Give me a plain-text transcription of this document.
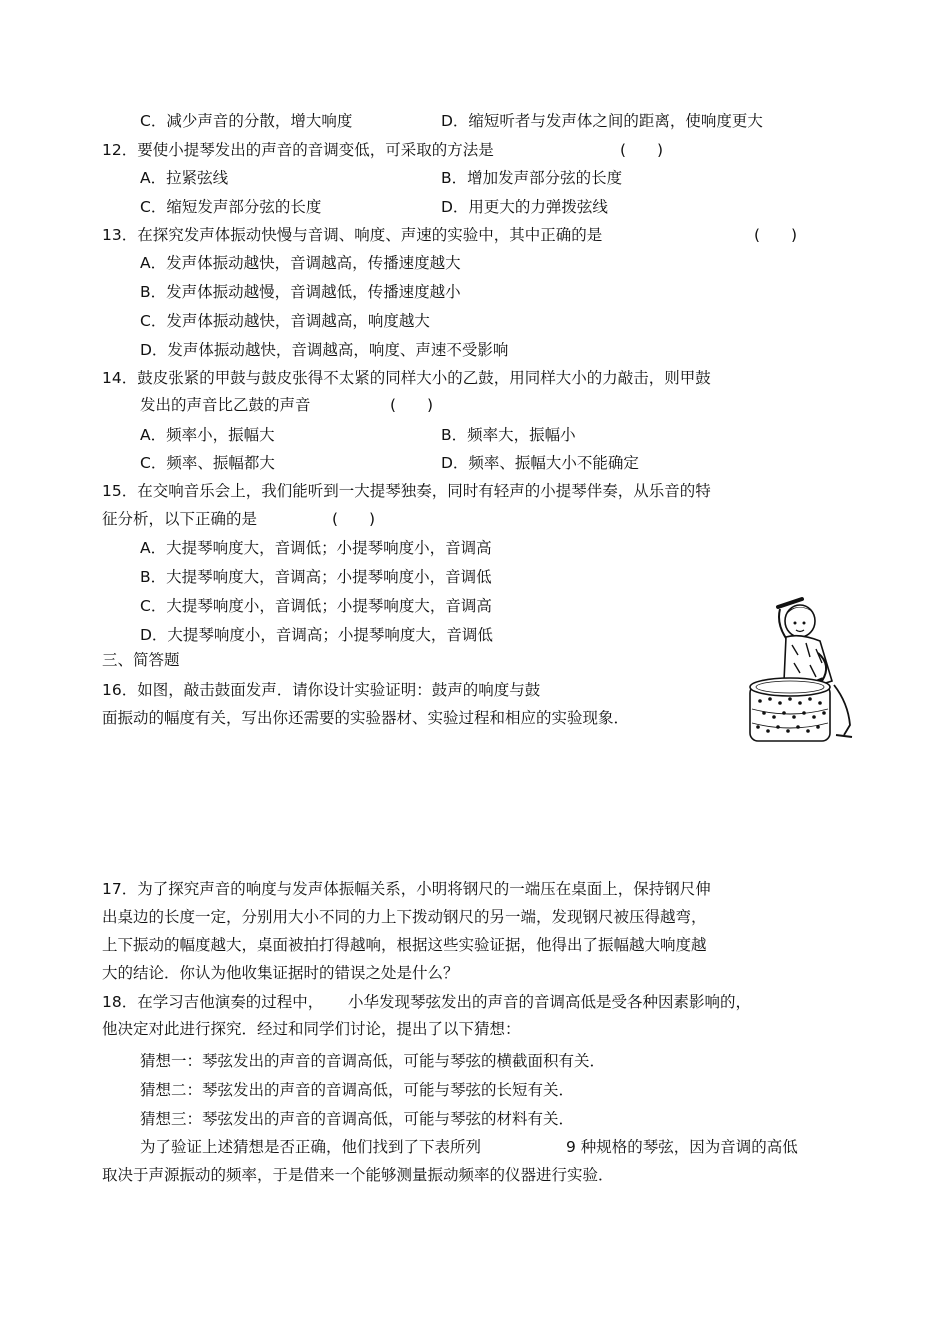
C．减少声音的分散，增大响度	D．缩短听者与发声体之间的距离，使响度更大
12．要使小提琴发出的声音的音调变低，可采取的方法是	(　　)
A．拉紧弦线	B．增加发声部分弦的长度
C．缩短发声部分弦的长度	D．用更大的力弹拨弦线
13．在探究发声体振动快慢与音调、响度、声速的实验中，其中正确的是	(　　)
A．发声体振动越快，音调越高，传播速度越大
B．发声体振动越慢，音调越低，传播速度越小
C．发声体振动越快，音调越高，响度越大
D．发声体振动越快，音调越高，响度、声速不受影响
14．鼓皮张紧的甲鼓与鼓皮张得不太紧的同样大小的乙鼓，用同样大小的力敲击，则甲鼓
发出的声音比乙鼓的声音	(　　)
A．频率小，振幅大	B．频率大，振幅小
C．频率、振幅都大	D．频率、振幅大小不能确定
15．在交响音乐会上，我们能听到一大提琴独奏，同时有轻声的小提琴伴奏，从乐音的特
征分析，以下正确的是	(　　)
A．大提琴响度大，音调低；小提琴响度小，音调高
B．大提琴响度大，音调高；小提琴响度小，音调低
C．大提琴响度小，音调低；小提琴响度大，音调高
D．大提琴响度小，音调高；小提琴响度大，音调低
三、简答题
16．如图，敲击鼓面发声．请你设计实验证明：鼓声的响度与鼓
面振动的幅度有关，写出你还需要的实验器材、实验过程和相应的实验现象．
17．为了探究声音的响度与发声体振幅关系，小明将钢尺的一端压在桌面上，保持钢尺伸
出桌边的长度一定，分别用大小不同的力上下拨动钢尺的另一端，发现钢尺被压得越弯，
上下振动的幅度越大，桌面被拍打得越响，根据这些实验证据，他得出了振幅越大响度越
大的结论．你认为他收集证据时的错误之处是什么？
18．在学习吉他演奏的过程中， 小华发现琴弦发出的声音的音调高低是受各种因素影响的，
他决定对此进行探究．经过和同学们讨论，提出了以下猜想：
猜想一：琴弦发出的声音的音调高低，可能与琴弦的横截面积有关．
猜想二：琴弦发出的声音的音调高低，可能与琴弦的长短有关．
猜想三：琴弦发出的声音的音调高低，可能与琴弦的材料有关．
为了验证上述猜想是否正确，他们找到了下表所列	9 种规格的琴弦，因为音调的高低
取决于声源振动的频率，于是借来一个能够测量振动频率的仪器进行实验．
